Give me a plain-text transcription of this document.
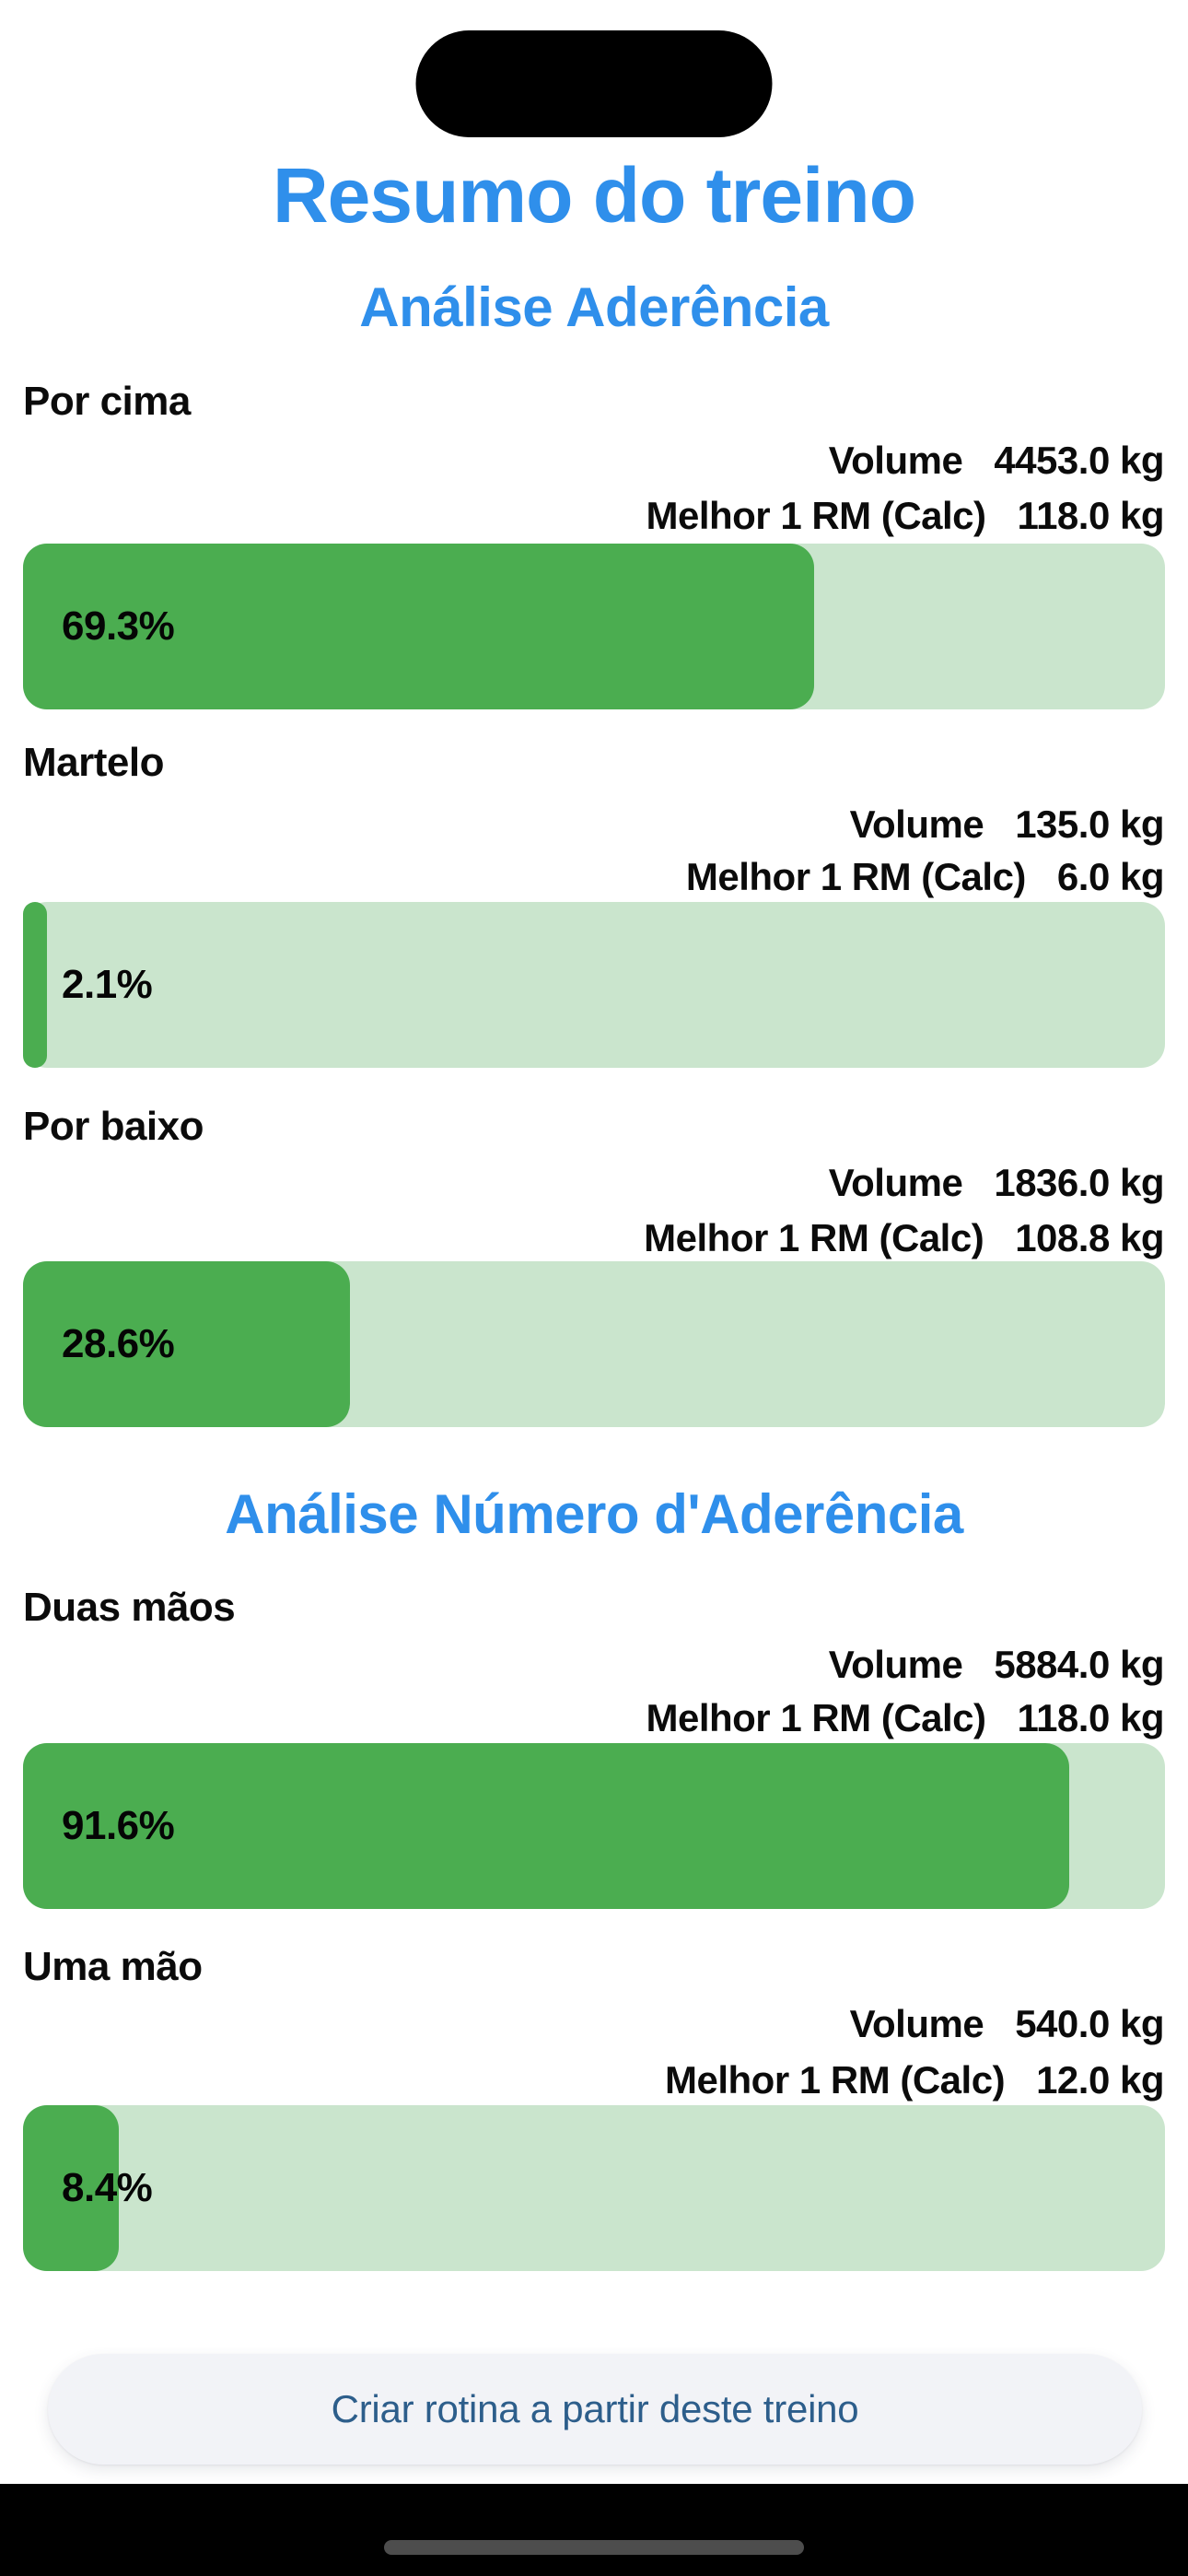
Resumo do treino
Análise Aderência
Por cima
Volume 4453.0 kg
Melhor 1 RM (Calc) 118.0 kg
69.3%
Martelo
Volume 135.0 kg
Melhor 1 RM (Calc) 6.0 kg
2.1%
Por baixo
Volume 1836.0 kg
Melhor 1 RM (Calc) 108.8 kg
28.6%
Análise Número d'Aderência
Duas mãos
Volume 5884.0 kg
Melhor 1 RM (Calc) 118.0 kg
91.6%
Uma mão
Volume 540.0 kg
Melhor 1 RM (Calc) 12.0 kg
8.4%
Criar rotina a partir deste treino
